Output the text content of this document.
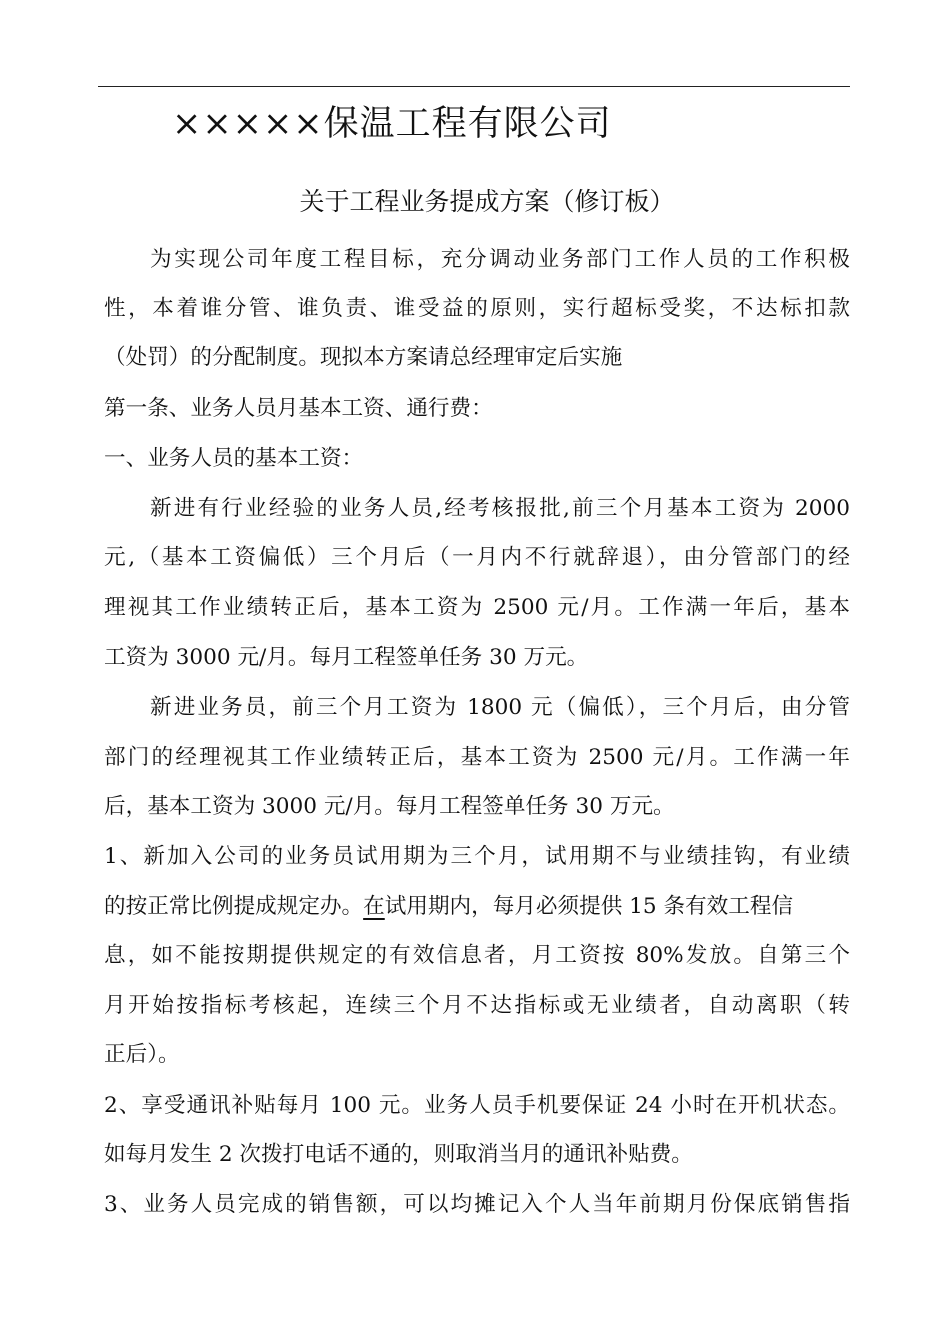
×××××保温工程有限公司
关于工程业务提成方案（修订板）
为实现公司年度工程目标，充分调动业务部门工作人员的工作积极
性，本着谁分管、谁负责、谁受益的原则，实行超标受奖，不达标扣款
（处罚）的分配制度。现拟本方案请总经理审定后实施
第一条、业务人员月基本工资、通行费：
一、业务人员的基本工资：
新进有行业经验的业务人员,经考核报批,前三个月基本工资为 2000
元,（基本工资偏低）三个月后（一月内不行就辞退），由分管部门的经
理视其工作业绩转正后，基本工资为 2500 元/月。工作满一年后，基本
工资为 3000 元/月。每月工程签单任务 30 万元。
新进业务员，前三个月工资为 1800 元（偏低），三个月后，由分管
部门的经理视其工作业绩转正后，基本工资为 2500 元/月。工作满一年
后，基本工资为 3000 元/月。每月工程签单任务 30 万元。
1、新加入公司的业务员试用期为三个月，试用期不与业绩挂钩，有业绩
的按正常比例提成规定办。在试用期内，每月必须提供 15 条有效工程信
息，如不能按期提供规定的有效信息者，月工资按 80%发放。自第三个
月开始按指标考核起，连续三个月不达指标或无业绩者，自动离职（转
正后）。
2、享受通讯补贴每月 100 元。业务人员手机要保证 24 小时在开机状态。
如每月发生 2 次拨打电话不通的，则取消当月的通讯补贴费。
3、业务人员完成的销售额，可以均摊记入个人当年前期月份保底销售指
